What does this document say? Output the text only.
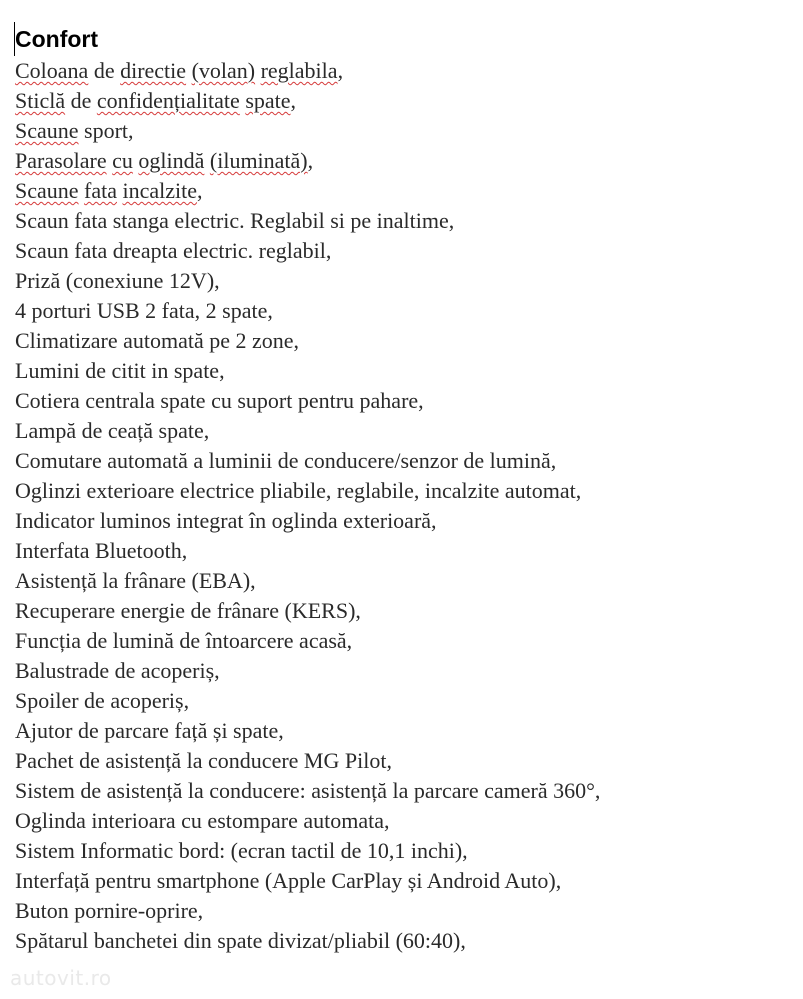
Confort
Coloana de directie (volan) reglabila,
Sticlă de confidențialitate spate,
Scaune sport,
Parasolare cu oglindă (iluminată),
Scaune fata incalzite,
Scaun fata stanga electric. Reglabil si pe inaltime,
Scaun fata dreapta electric. reglabil,
Priză (conexiune 12V),
4 porturi USB 2 fata, 2 spate,
Climatizare automată pe 2 zone,
Lumini de citit in spate,
Cotiera centrala spate cu suport pentru pahare,
Lampă de ceață spate,
Comutare automată a luminii de conducere/senzor de lumină,
Oglinzi exterioare electrice pliabile, reglabile, incalzite automat,
Indicator luminos integrat în oglinda exterioară,
Interfata Bluetooth,
Asistență la frânare (EBA),
Recuperare energie de frânare (KERS),
Funcția de lumină de întoarcere acasă,
Balustrade de acoperiș,
Spoiler de acoperiș,
Ajutor de parcare față și spate,
Pachet de asistență la conducere MG Pilot,
Sistem de asistență la conducere: asistență la parcare cameră 360°,
Oglinda interioara cu estompare automata,
Sistem Informatic bord: (ecran tactil de 10,1 inchi),
Interfață pentru smartphone (Apple CarPlay și Android Auto),
Buton pornire-oprire,
Spătarul banchetei din spate divizat/pliabil (60:40),
autovit.ro
